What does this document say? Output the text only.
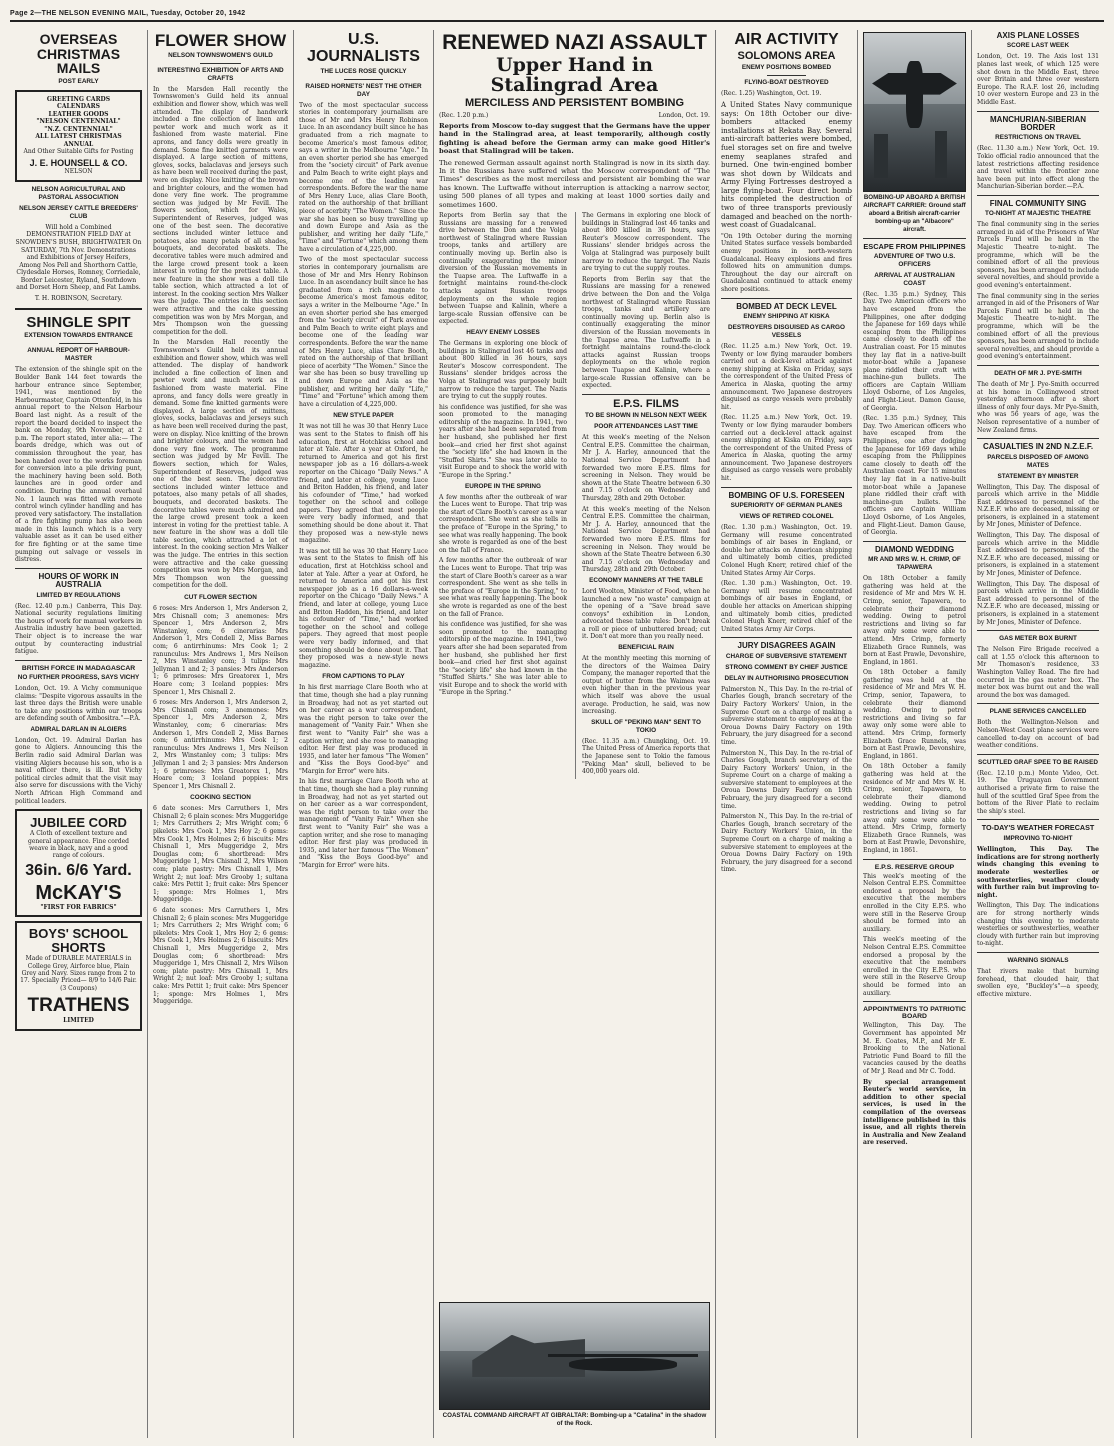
Page 2—THE NELSON EVENING MAIL, Tuesday, October 20, 1942
OVERSEAS CHRISTMAS MAILS
POST EARLY
GREETING CARDS
CALENDARS
LEATHER GOODS
"NELSON CENTENNIAL"
"N.Z. CENTENNIAL"
ALL LATEST CHRISTMAS ANNUAL
And Other Suitable Gifts for Posting
J. E. HOUNSELL & CO.
NELSON
NELSON AGRICULTURAL AND PASTORAL ASSOCIATION
NELSON JERSEY CATTLE BREEDERS' CLUB

Will hold a Combined DEMONSTRATION FIELD DAY at SNOWDEN'S BUSH, BRIGHTWATER On SATURDAY, 7th Nov. Demonstrations and Exhibitions of Jersey Heifers, Among Nos Pell and Shorthorn Cattle, Clydesdale Horses, Romney, Corriedale, Border Leicester, Ryland, Southdown and Dorset Horn Sheep, and Fat Lambs.

T. H. ROBINSON, Secretary.

SHINGLE SPIT
EXTENSION TOWARDS ENTRANCE
ANNUAL REPORT OF HARBOUR-MASTER

The extension of the shingle spit on the Boulder Bank 144 feet towards the harbour entrance since September, 1941, was mentioned by the Harbourmaster, Captain Ottenfeld, in his annual report to the Nelson Harbour Board last night. As a result of the report the board decided to inspect the bank on Monday, 9th November, at 2 p.m. The report stated, inter alia:— The boards dredge, which was out of commission throughout the year, has been handed over to the works foreman for conversion into a pile driving punt, the machinery having been sold. Both launches are in good order and condition. During the annual overhaul No. 1 launch was fitted with remote control winch cylinder handling and has proved very satisfactory. The installation of a fire fighting pump has also been made in this launch which is a very valuable asset as it can be used either for fire fighting or at the same time pumping out salvage or vessels in distress.

HOURS OF WORK IN AUSTRALIA
LIMITED BY REGULATIONS

(Rec. 12.40 p.m.) Canberra, This Day. National security regulations limiting the hours of work for manual workers in Australia industry have been gazetted. Their object is to increase the war output by counteracting industrial fatigue.

BRITISH FORCE IN MADAGASCAR
NO FURTHER PROGRESS, SAYS VICHY

London, Oct. 19. A Vichy communique claims: "Despite vigorous assaults in the last three days the British were unable to take any positions within our troops are defending south of Ambositra."—P.A.

ADMIRAL DARLAN IN ALGIERS

London, Oct. 19. Admiral Darlan has gone to Algiers. Announcing this the Berlin radio said Admiral Darlan was visiting Algiers because his son, who is a naval officer there, is ill. But Vichy political circles admit that the visit may also serve for discussions with the Vichy North African High Command and political leaders.

JUBILEE CORD
A Cloth of excellent texture and general appearance. Fine corded weave in black, navy and a good range of colours.
36in. 6/6 Yard.
McKAY'S
"FIRST FOR FABRICS"
BOYS' SCHOOL SHORTS
Made of DURABLE MATERIALS in College Grey, Airforce blue, Plain Grey and Navy. Sizes range from 2 to 17. Specially Priced— 8/9 to 14/6 Pair. (3 Coupons)
TRATHENS
LIMITED
FLOWER SHOW
NELSON TOWNSWOMEN'S GUILD
INTERESTING EXHIBITION OF ARTS AND CRAFTS

In the Marsden Hall recently the Townswomen's Guild held its annual exhibition and flower show, which was well attended. The display of handwork included a fine collection of linen and pewter work and much work as it fashioned from waste material. Fine aprons, and fancy dolls were greatly in demand. Some fine knitted garments were displayed. A large section of mittens, gloves, socks, balaclavas and jerseys such as have been well received during the past, were on display. Nice knitting of the brown and brighter colours, and the women had done very fine work. The programme section was judged by Mr Fevill. The flowers section, which for Wales, Superintendent of Reserves, judged was one of the best seen. The decorative sections included winter lettuce and potatoes, also many petals of all shades, bouquets, and decorated baskets. The decorative tables were much admired and the large crowd present took a keen interest in voting for the prettiest table. A new feature in the show was a doll tile table section, which attracted a lot of interest. In the cooking section Mrs Walker was the judge. The entries in this section were attractive and the cake guessing competition was won by Mrs Morgan, and Mrs Thompson won the guessing competition for the doll.

In the Marsden Hall recently the Townswomen's Guild held its annual exhibition and flower show, which was well attended. The display of handwork included a fine collection of linen and pewter work and much work as it fashioned from waste material. Fine aprons, and fancy dolls were greatly in demand. Some fine knitted garments were displayed. A large section of mittens, gloves, socks, balaclavas and jerseys such as have been well received during the past, were on display. Nice knitting of the brown and brighter colours, and the women had done very fine work. The programme section was judged by Mr Fevill. The flowers section, which for Wales, Superintendent of Reserves, judged was one of the best seen. The decorative sections included winter lettuce and potatoes, also many petals of all shades, bouquets, and decorated baskets. The decorative tables were much admired and the large crowd present took a keen interest in voting for the prettiest table. A new feature in the show was a doll tile table section, which attracted a lot of interest. In the cooking section Mrs Walker was the judge. The entries in this section were attractive and the cake guessing competition was won by Mrs Morgan, and Mrs Thompson won the guessing competition for the doll.

CUT FLOWER SECTION

6 roses: Mrs Anderson 1, Mrs Anderson 2, Mrs Chisnall com; 3 anemones: Mrs Spencer 1, Mrs Anderson 2, Mrs Winstanley, com; 6 cinerarias: Mrs Anderson 1, Mrs Condell 2, Miss Barnes com; 6 antirrhinums: Mrs Cook 1; 2 ranunculus: Mrs Andrews 1, Mrs Neilson 2, Mrs Winstanley com; 3 tulips: Mrs Jellyman 1 and 2; 3 pansies: Mrs Anderson 1; 6 primroses: Mrs Greatorex 1, Mrs Hoare com; 3 Iceland poppies: Mrs Spencer 1, Mrs Chisnall 2.

6 roses: Mrs Anderson 1, Mrs Anderson 2, Mrs Chisnall com; 3 anemones: Mrs Spencer 1, Mrs Anderson 2, Mrs Winstanley, com; 6 cinerarias: Mrs Anderson 1, Mrs Condell 2, Miss Barnes com; 6 antirrhinums: Mrs Cook 1; 2 ranunculus: Mrs Andrews 1, Mrs Neilson 2, Mrs Winstanley com; 3 tulips: Mrs Jellyman 1 and 2; 3 pansies: Mrs Anderson 1; 6 primroses: Mrs Greatorex 1, Mrs Hoare com; 3 Iceland poppies: Mrs Spencer 1, Mrs Chisnall 2.

COOKING SECTION

6 date scones: Mrs Carruthers 1, Mrs Chisnall 2; 6 plain scones: Mrs Muggeridge 1; Mrs Carruthers 2; Mrs Wright com; 6 pikelets: Mrs Cook 1, Mrs Hoy 2; 6 gems: Mrs Cook 1, Mrs Holmes 2; 6 biscuits: Mrs Chisnall 1, Mrs Muggeridge 2, Mrs Douglas com; 6 shortbread: Mrs Muggeridge 1, Mrs Chisnall 2, Mrs Wilson com; plate pastry: Mrs Chisnall 1, Mrs Wright 2; nut loaf: Mrs Grooby 1; sultana cake: Mrs Pettit 1; fruit cake: Mrs Spencer 1; sponge: Mrs Holmes 1, Mrs Muggeridge.

6 date scones: Mrs Carruthers 1, Mrs Chisnall 2; 6 plain scones: Mrs Muggeridge 1; Mrs Carruthers 2; Mrs Wright com; 6 pikelets: Mrs Cook 1, Mrs Hoy 2; 6 gems: Mrs Cook 1, Mrs Holmes 2; 6 biscuits: Mrs Chisnall 1, Mrs Muggeridge 2, Mrs Douglas com; 6 shortbread: Mrs Muggeridge 1, Mrs Chisnall 2, Mrs Wilson com; plate pastry: Mrs Chisnall 1, Mrs Wright 2; nut loaf: Mrs Grooby 1; sultana cake: Mrs Pettit 1; fruit cake: Mrs Spencer 1; sponge: Mrs Holmes 1, Mrs Muggeridge.

U.S. JOURNALISTS
THE LUCES ROSE QUICKLY
RAISED HORNETS' NEST THE OTHER DAY

Two of the most spectacular success stories in contemporary journalism are those of Mr and Mrs Henry Robinson Luce. In an ascendancy built since he has graduated from a rich magnate to become America's most famous editor, says a writer in the Melbourne "Age." In an even shorter period she has emerged from the "society circuit" of Park avenue and Palm Beach to write eight plays and become one of the leading war correspondents. Before the war the name of Mrs Henry Luce, alias Clare Booth, rated on the authorship of that brilliant piece of acerbity "The Women." Since the war she has been so busy travelling up and down Europe and Asia as the publisher, and writing her daily "Life," "Time" and "Fortune" which among them have a circulation of 4,225,000.

Two of the most spectacular success stories in contemporary journalism are those of Mr and Mrs Henry Robinson Luce. In an ascendancy built since he has graduated from a rich magnate to become America's most famous editor, says a writer in the Melbourne "Age." In an even shorter period she has emerged from the "society circuit" of Park avenue and Palm Beach to write eight plays and become one of the leading war correspondents. Before the war the name of Mrs Henry Luce, alias Clare Booth, rated on the authorship of that brilliant piece of acerbity "The Women." Since the war she has been so busy travelling up and down Europe and Asia as the publisher, and writing her daily "Life," "Time" and "Fortune" which among them have a circulation of 4,225,000.

NEW STYLE PAPER

It was not till he was 30 that Henry Luce was sent to the States to finish off his education, first at Hotchkiss school and later at Yale. After a year at Oxford, he returned to America and got his first newspaper job as a 16 dollars-a-week reporter on the Chicago "Daily News." A friend, and later at college, young Luce and Briton Hadden, his friend, and later his cofounder of "Time," had worked together on the school and college papers. They agreed that most people were very badly informed, and that something should be done about it. That they proposed was a new-style news magazine.

It was not till he was 30 that Henry Luce was sent to the States to finish off his education, first at Hotchkiss school and later at Yale. After a year at Oxford, he returned to America and got his first newspaper job as a 16 dollars-a-week reporter on the Chicago "Daily News." A friend, and later at college, young Luce and Briton Hadden, his friend, and later his cofounder of "Time," had worked together on the school and college papers. They agreed that most people were very badly informed, and that something should be done about it. That they proposed was a new-style news magazine.

FROM CAPTIONS TO PLAY

In his first marriage Clare Booth who at that time, though she had a play running in Broadway, had not as yet started out on her career as a war correspondent, was the right person to take over the management of "Vanity Fair." When she first went to "Vanity Fair" she was a caption writer, and she rose to managing editor. Her first play was produced in 1935, and later her famous "The Women" and "Kiss the Boys Good-bye" and "Margin for Error" were hits.

In his first marriage Clare Booth who at that time, though she had a play running in Broadway, had not as yet started out on her career as a war correspondent, was the right person to take over the management of "Vanity Fair." When she first went to "Vanity Fair" she was a caption writer, and she rose to managing editor. Her first play was produced in 1935, and later her famous "The Women" and "Kiss the Boys Good-bye" and "Margin for Error" were hits.

RENEWED NAZI ASSAULT
Upper Hand in Stalingrad Area
MERCILESS AND PERSISTENT BOMBING
(Rec. 1.20 p.m.)	London, Oct. 19.

Reports from Moscow to-day suggest that the Germans have the upper hand in the Stalingrad area, at least temporarily, although costly fighting is ahead before the German army can make good Hitler's boast that Stalingrad will be taken.

The renewed German assault against north Stalingrad is now in its sixth day. In it the Russians have suffered what the Moscow correspondent of "The Times" describes as the most merciless and persistent air bombing the war has known. The Luftwaffe without interruption is attacking a narrow sector, using 500 planes of all types and making at least 1000 sorties daily and sometimes 1600.

Reports from Berlin say that the Russians are massing for a renewed drive between the Don and the Volga northwest of Stalingrad where Russian troops, tanks and artillery are continually moving up. Berlin also is continually exaggerating the minor diversion of the Russian movements in the Tuapse area. The Luftwaffe in a fortnight maintains round-the-clock attacks against Russian troops deployments on the whole region between Tuapse and Kalinin, where a large-scale Russian offensive can be expected.

HEAVY ENEMY LOSSES

The Germans in exploring one block of buildings in Stalingrad lost 46 tanks and about 800 killed in 36 hours, says Reuter's Moscow correspondent. The Russians' slender bridges across the Volga at Stalingrad was purposely built narrow to reduce the target. The Nazis are trying to cut the supply routes.

his confidence was justified, for she was soon promoted to the managing editorship of the magazine. In 1941, two years after she had been separated from her husband, she published her first book—and cried her first shot against the "society life" she had known in the "Stuffed Shirts." She was later able to visit Europe and to shock the world with "Europe in the Spring."

EUROPE IN THE SPRING

A few months after the outbreak of war the Luces went to Europe. That trip was the start of Clare Booth's career as a war correspondent. She went as she tells in the preface of "Europe in the Spring," to see what was really happening. The book she wrote is regarded as one of the best on the fall of France.

A few months after the outbreak of war the Luces went to Europe. That trip was the start of Clare Booth's career as a war correspondent. She went as she tells in the preface of "Europe in the Spring," to see what was really happening. The book she wrote is regarded as one of the best on the fall of France.

his confidence was justified, for she was soon promoted to the managing editorship of the magazine. In 1941, two years after she had been separated from her husband, she published her first book—and cried her first shot against the "society life" she had known in the "Stuffed Shirts." She was later able to visit Europe and to shock the world with "Europe in the Spring."

The Germans in exploring one block of buildings in Stalingrad lost 46 tanks and about 800 killed in 36 hours, says Reuter's Moscow correspondent. The Russians' slender bridges across the Volga at Stalingrad was purposely built narrow to reduce the target. The Nazis are trying to cut the supply routes.

Reports from Berlin say that the Russians are massing for a renewed drive between the Don and the Volga northwest of Stalingrad where Russian troops, tanks and artillery are continually moving up. Berlin also is continually exaggerating the minor diversion of the Russian movements in the Tuapse area. The Luftwaffe in a fortnight maintains round-the-clock attacks against Russian troops deployments on the whole region between Tuapse and Kalinin, where a large-scale Russian offensive can be expected.

E.P.S. FILMS
TO BE SHOWN IN NELSON NEXT WEEK
POOR ATTENDANCES LAST TIME

At this week's meeting of the Nelson Central E.P.S. Committee the chairman, Mr J. A. Harley, announced that the National Service Department had forwarded two more E.P.S. films for screening in Nelson. They would be shown at the State Theatre between 6.30 and 7.15 o'clock on Wednesday and Thursday, 28th and 29th October.

At this week's meeting of the Nelson Central E.P.S. Committee the chairman, Mr J. A. Harley, announced that the National Service Department had forwarded two more E.P.S. films for screening in Nelson. They would be shown at the State Theatre between 6.30 and 7.15 o'clock on Wednesday and Thursday, 28th and 29th October.

ECONOMY MANNERS AT THE TABLE

Lord Woolton, Minister of Food, when he launched a new "no waste" campaign at the opening of a "Save bread save convoys" exhibition in London, advocated these table rules: Don't break a roll or piece of unbuttered bread; cut it. Don't eat more than you really need.

BENEFICIAL RAIN

At the monthly meeting this morning of the directors of the Waimea Dairy Company, the manager reported that the output of butter from the Waimea was even higher than in the previous year which itself was above the usual average. Production, he said, was now increasing.

SKULL OF "PEKING MAN" SENT TO TOKIO

(Rec. 11.35 a.m.) Chungking, Oct. 19. The United Press of America reports that the Japanese sent to Tokio the famous "Peking Man" skull, believed to be 400,000 years old.

COASTAL COMMAND AIRCRAFT AT GIBRALTAR: Bombing-up a "Catalina" in the shadow of the Rock.
AIR ACTIVITY
SOLOMONS AREA
ENEMY POSITIONS BOMBED
FLYING-BOAT DESTROYED

(Rec. 1.25) Washington, Oct. 19.

A United States Navy communique says: On 18th October our dive-bombers attacked enemy installations at Rekata Bay. Several anti-aircraft batteries were bombed, fuel storages set on fire and twelve enemy seaplanes strafed and burned. One twin-engined bomber was shot down by Wildcats and Army Flying Fortresses destroyed a large flying-boat. Four direct bomb hits completed the destruction of two of three transports previously damaged and beached on the north-west coast of Guadalcanal.

"On 19th October during the morning United States surface vessels bombarded enemy positions in north-western Guadalcanal. Heavy explosions and fires followed hits on ammunition dumps. Throughout the day our aircraft on Guadalcanal continued to attack enemy shore positions.

BOMBED AT DECK LEVEL
ENEMY SHIPPING AT KISKA
DESTROYERS DISGUISED AS CARGO VESSELS

(Rec. 11.25 a.m.) New York, Oct. 19. Twenty or low flying marauder bombers carried out a deck-level attack against enemy shipping at Kiska on Friday, says the correspondent of the United Press of America in Alaska, quoting the army announcement. Two Japanese destroyers disguised as cargo vessels were probably hit.

(Rec. 11.25 a.m.) New York, Oct. 19. Twenty or low flying marauder bombers carried out a deck-level attack against enemy shipping at Kiska on Friday, says the correspondent of the United Press of America in Alaska, quoting the army announcement. Two Japanese destroyers disguised as cargo vessels were probably hit.

BOMBING OF U.S. FORESEEN
SUPERIORITY OF GERMAN PLANES
VIEWS OF RETIRED COLONEL

(Rec. 1.30 p.m.) Washington, Oct. 19. Germany will resume concentrated bombings of air bases in England, or double her attacks on American shipping and ultimately bomb cities, predicted Colonel Hugh Knerr, retired chief of the United States Army Air Corps.

(Rec. 1.30 p.m.) Washington, Oct. 19. Germany will resume concentrated bombings of air bases in England, or double her attacks on American shipping and ultimately bomb cities, predicted Colonel Hugh Knerr, retired chief of the United States Army Air Corps.

JURY DISAGREES AGAIN
CHARGE OF SUBVERSIVE STATEMENT
STRONG COMMENT BY CHIEF JUSTICE
DELAY IN AUTHORISING PROSECUTION

Palmerston N., This Day. In the re-trial of Charles Gough, branch secretary of the Dairy Factory Workers' Union, in the Supreme Court on a charge of making a subversive statement to employees at the Oroua Downs Dairy Factory on 19th February, the jury disagreed for a second time.

Palmerston N., This Day. In the re-trial of Charles Gough, branch secretary of the Dairy Factory Workers' Union, in the Supreme Court on a charge of making a subversive statement to employees at the Oroua Downs Dairy Factory on 19th February, the jury disagreed for a second time.

Palmerston N., This Day. In the re-trial of Charles Gough, branch secretary of the Dairy Factory Workers' Union, in the Supreme Court on a charge of making a subversive statement to employees at the Oroua Downs Dairy Factory on 19th February, the jury disagreed for a second time.

BOMBING-UP ABOARD A BRITISH AIRCRAFT CARRIER: Ground staff aboard a British aircraft-carrier bombing-up an "Albacore" aircraft.
ESCAPE FROM PHILIPPINES
ADVENTURE OF TWO U.S. OFFICERS
ARRIVAL AT AUSTRALIAN COAST

(Rec. 1.35 p.m.) Sydney, This Day. Two American officers who have escaped from the Philippines, one after dodging the Japanese for 169 days while escaping from the Philippines came closely to death off the Australian coast. For 15 minutes they lay flat in a native-built motor-boat while a Japanese plane riddled their craft with machine-gun bullets. The officers are Captain William Lloyd Osborne, of Los Angeles, and Flight-Lieut. Damon Gause, of Georgia.

(Rec. 1.35 p.m.) Sydney, This Day. Two American officers who have escaped from the Philippines, one after dodging the Japanese for 169 days while escaping from the Philippines came closely to death off the Australian coast. For 15 minutes they lay flat in a native-built motor-boat while a Japanese plane riddled their craft with machine-gun bullets. The officers are Captain William Lloyd Osborne, of Los Angeles, and Flight-Lieut. Damon Gause, of Georgia.

DIAMOND WEDDING
MR AND MRS W. H. CRIMP, OF TAPAWERA

On 18th October a family gathering was held at the residence of Mr and Mrs W. H. Crimp, senior, Tapawera, to celebrate their diamond wedding. Owing to petrol restrictions and living so far away only some were able to attend. Mrs Crimp, formerly Elizabeth Grace Runnels, was born at East Prawle, Devonshire, England, in 1861.

On 18th October a family gathering was held at the residence of Mr and Mrs W. H. Crimp, senior, Tapawera, to celebrate their diamond wedding. Owing to petrol restrictions and living so far away only some were able to attend. Mrs Crimp, formerly Elizabeth Grace Runnels, was born at East Prawle, Devonshire, England, in 1861.

On 18th October a family gathering was held at the residence of Mr and Mrs W. H. Crimp, senior, Tapawera, to celebrate their diamond wedding. Owing to petrol restrictions and living so far away only some were able to attend. Mrs Crimp, formerly Elizabeth Grace Runnels, was born at East Prawle, Devonshire, England, in 1861.

E.P.S. RESERVE GROUP

This week's meeting of the Nelson Central E.P.S. Committee endorsed a proposal by the executive that the members enrolled in the City E.P.S. who were still in the Reserve Group should be formed into an auxiliary.

This week's meeting of the Nelson Central E.P.S. Committee endorsed a proposal by the executive that the members enrolled in the City E.P.S. who were still in the Reserve Group should be formed into an auxiliary.

APPOINTMENTS TO PATRIOTIC BOARD

Wellington, This Day. The Government has appointed Mr M. E. Coates, M.P., and Mr E. Brooking to the National Patriotic Fund Board to fill the vacancies caused by the deaths of Mr J. Read and Mr C. Todd.

By special arrangement Reuter's world service, in addition to other special services, is used in the compilation of the overseas intelligence published in this issue, and all rights therein in Australia and New Zealand are reserved.

AXIS PLANE LOSSES
SCORE LAST WEEK

London, Oct. 19. The Axis lost 131 planes last week, of which 125 were shot down in the Middle East, three over Britain and three over western Europe. The R.A.F. lost 26, including 10 over western Europe and 23 in the Middle East.

MANCHURIAN-SIBERIAN BORDER
RESTRICTIONS ON TRAVEL

(Rec. 11.30 a.m.) New York, Oct. 19. Tokio official radio announced that the latest restrictions affecting residence and travel within the frontier zone have been put into effect along the Manchurian-Siberian border.—P.A.

FINAL COMMUNITY SING
TO-NIGHT AT MAJESTIC THEATRE

The final community sing in the series arranged in aid of the Prisoners of War Parcels Fund will be held in the Majestic Theatre to-night. The programme, which will be the combined effort of all the previous sponsors, has been arranged to include several novelties, and should provide a good evening's entertainment.

The final community sing in the series arranged in aid of the Prisoners of War Parcels Fund will be held in the Majestic Theatre to-night. The programme, which will be the combined effort of all the previous sponsors, has been arranged to include several novelties, and should provide a good evening's entertainment.

DEATH OF MR J. PYE-SMITH

The death of Mr J. Pye-Smith occurred at his home in Collingwood street yesterday afternoon after a short illness of only four days. Mr Pye-Smith, who was 56 years of age, was the Nelson representative of a number of New Zealand firms.

CASUALTIES IN 2ND N.Z.E.F.
PARCELS DISPOSED OF AMONG MATES
STATEMENT BY MINISTER

Wellington, This Day. The disposal of parcels which arrive in the Middle East addressed to personnel of the N.Z.E.F. who are deceased, missing or prisoners, is explained in a statement by Mr Jones, Minister of Defence.

Wellington, This Day. The disposal of parcels which arrive in the Middle East addressed to personnel of the N.Z.E.F. who are deceased, missing or prisoners, is explained in a statement by Mr Jones, Minister of Defence.

Wellington, This Day. The disposal of parcels which arrive in the Middle East addressed to personnel of the N.Z.E.F. who are deceased, missing or prisoners, is explained in a statement by Mr Jones, Minister of Defence.

GAS METER BOX BURNT

The Nelson Fire Brigade received a call at 1.55 o'clock this afternoon to Mr Thomason's residence, 33 Washington Valley Road. The fire had occurred in the gas meter box. The meter box was burnt out and the wall around the box was damaged.

PLANE SERVICES CANCELLED

Both the Wellington-Nelson and Nelson-West Coast plane services were cancelled to-day on account of bad weather conditions.

SCUTTLED GRAF SPEE TO BE RAISED

(Rec. 12.10 p.m.) Monte Video, Oct. 19. The Uruguayan Government authorised a private firm to raise the hull of the scuttled Graf Spee from the bottom of the River Plate to reclaim the ship's steel.

TO-DAY'S WEATHER FORECAST
IMPROVING TO-NIGHT

Wellington, This Day. The indications are for strong northerly winds changing this evening to moderate westerlies or southwesterlies, weather cloudy with further rain but improving to-night.

Wellington, This Day. The indications are for strong northerly winds changing this evening to moderate westerlies or southwesterlies, weather cloudy with further rain but improving to-night.

WARNING SIGNALS

That rivers make that burning forehead, that clouded hair, that swollen eye, "Buckley's"—a speedy, effective mixture.
